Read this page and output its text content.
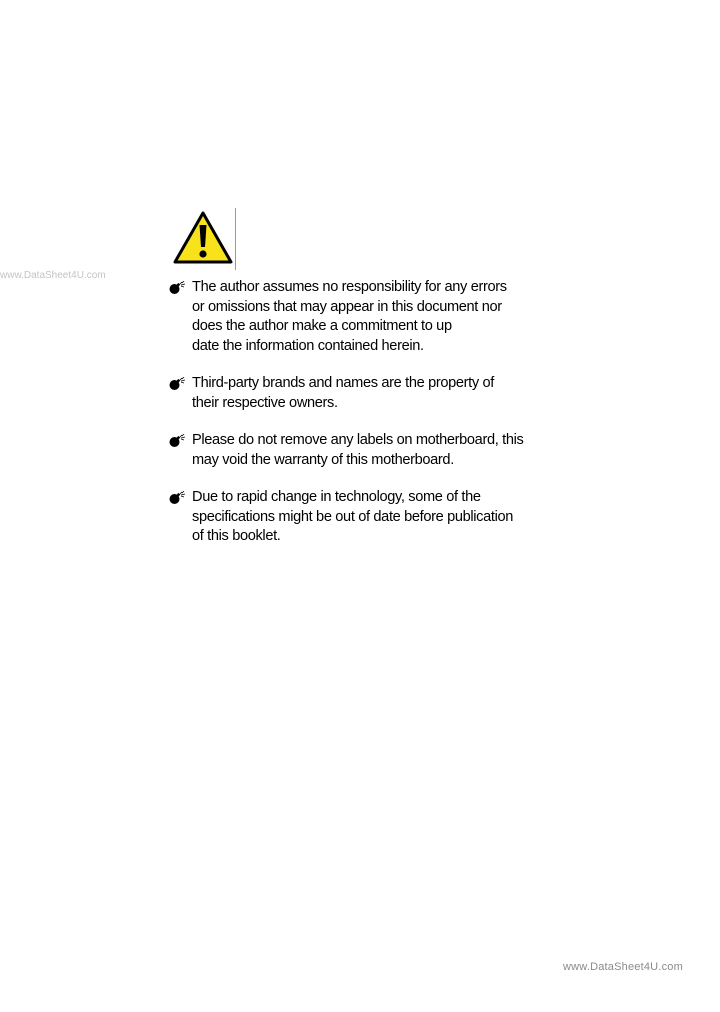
www.DataSheet4U.com
The author assumes no responsibility for any errors
or omissions that may appear in this document nor
does the author make a commitment to up
date the information contained herein.
Third-party brands and names are the property of
their respective owners.
Please do not remove any labels on motherboard, this
may void the warranty of this motherboard.
Due to rapid change in technology, some of the
specifications might be out of date before publication
of this booklet.
www.DataSheet4U.com
